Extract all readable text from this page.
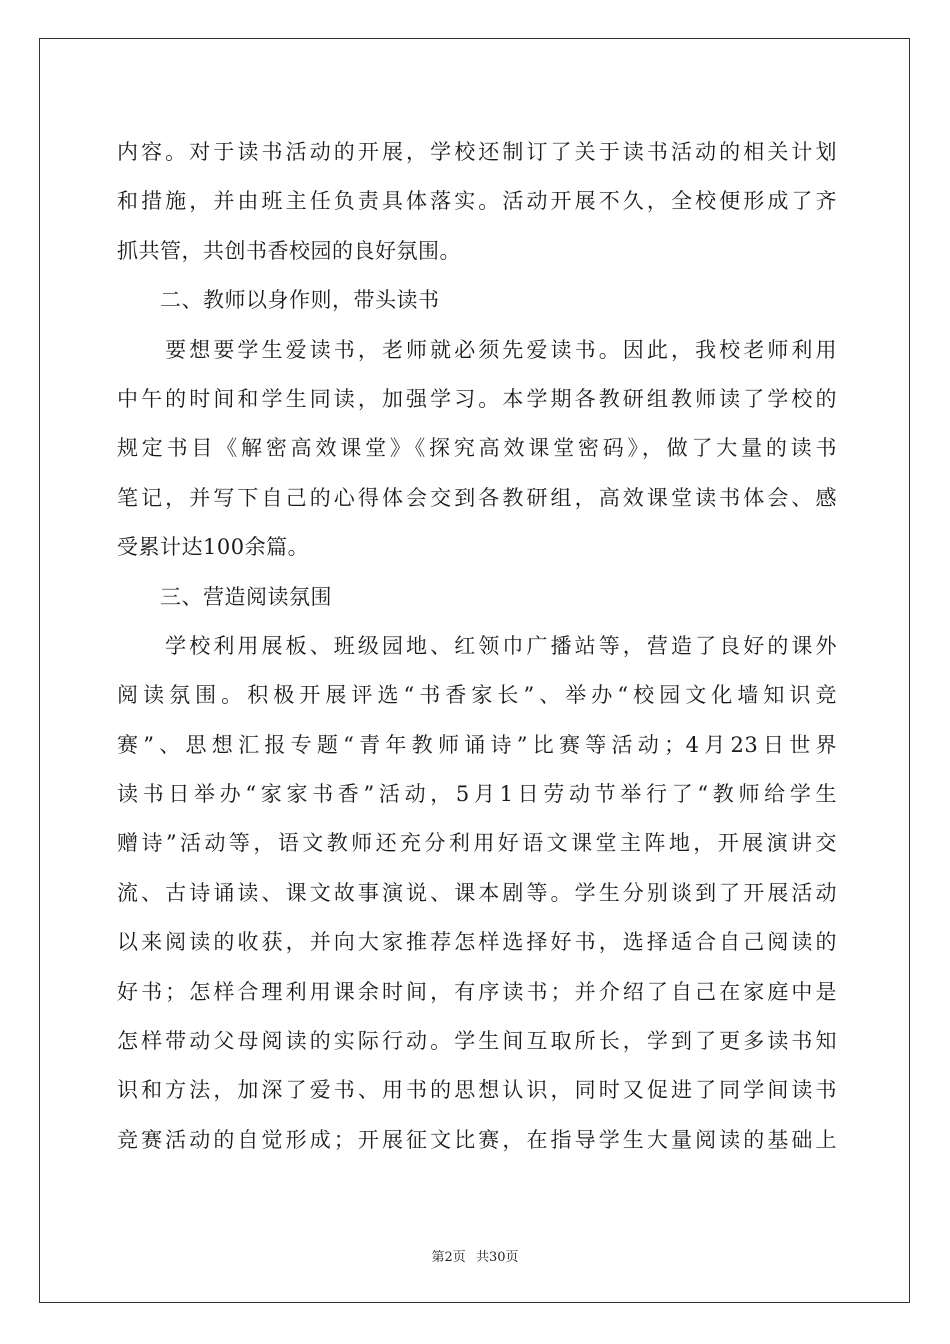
内容。对于读书活动的开展，学校还制订了关于读书活动的相关计划
和措施，并由班主任负责具体落实。活动开展不久，全校便形成了齐
抓共管，共创书香校园的良好氛围。
　　二、教师以身作则，带头读书
　　要想要学生爱读书，老师就必须先爱读书。因此，我校老师利用
中午的时间和学生同读，加强学习。本学期各教研组教师读了学校的
规定书目《解密高效课堂》《探究高效课堂密码》，做了大量的读书
笔记，并写下自己的心得体会交到各教研组，高效课堂读书体会、感
受累计达100余篇。
　　三、营造阅读氛围
　　学校利用展板、班级园地、红领巾广播站等，营造了良好的课外
阅读氛围。积极开展评选“书香家长”、举办“校园文化墙知识竞
赛”、思想汇报专题“青年教师诵诗”比赛等活动；4月23日世界
读书日举办“家家书香”活动，5月1日劳动节举行了“教师给学生
赠诗”活动等，语文教师还充分利用好语文课堂主阵地，开展演讲交
流、古诗诵读、课文故事演说、课本剧等。学生分别谈到了开展活动
以来阅读的收获，并向大家推荐怎样选择好书，选择适合自己阅读的
好书；怎样合理利用课余时间，有序读书；并介绍了自己在家庭中是
怎样带动父母阅读的实际行动。学生间互取所长，学到了更多读书知
识和方法，加深了爱书、用书的思想认识，同时又促进了同学间读书
竞赛活动的自觉形成；开展征文比赛，在指导学生大量阅读的基础上
第2页 共30页
